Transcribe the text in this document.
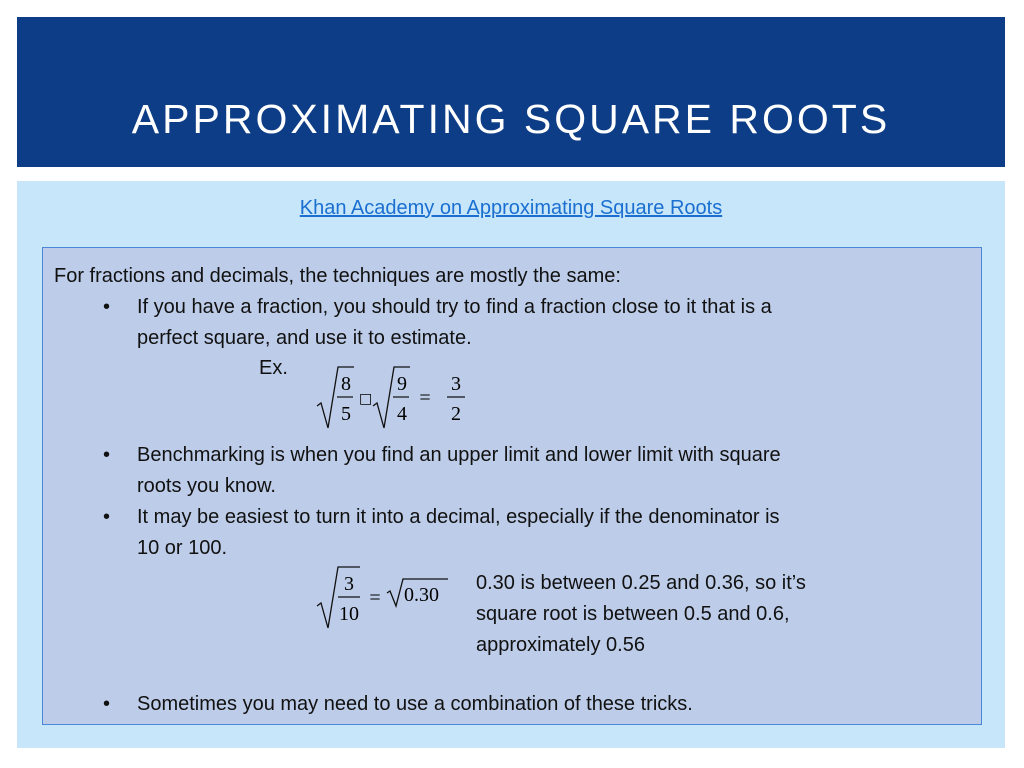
APPROXIMATING SQUARE ROOTS
Khan Academy on Approximating Square Roots
For fractions and decimals, the techniques are mostly the same:
• If you have a fraction, you should try to find a fraction close to it that is a
perfect square, and use it to estimate.
Ex.
8
5
□
9
4
=
3
2
• Benchmarking is when you find an upper limit and lower limit with square
roots you know.
• It may be easiest to turn it into a decimal, especially if the denominator is
10 or 100.
3
10
= 0.30
0.30 is between 0.25 and 0.36, so it’s
square root is between 0.5 and 0.6,
approximately 0.56
• Sometimes you may need to use a combination of these tricks.
